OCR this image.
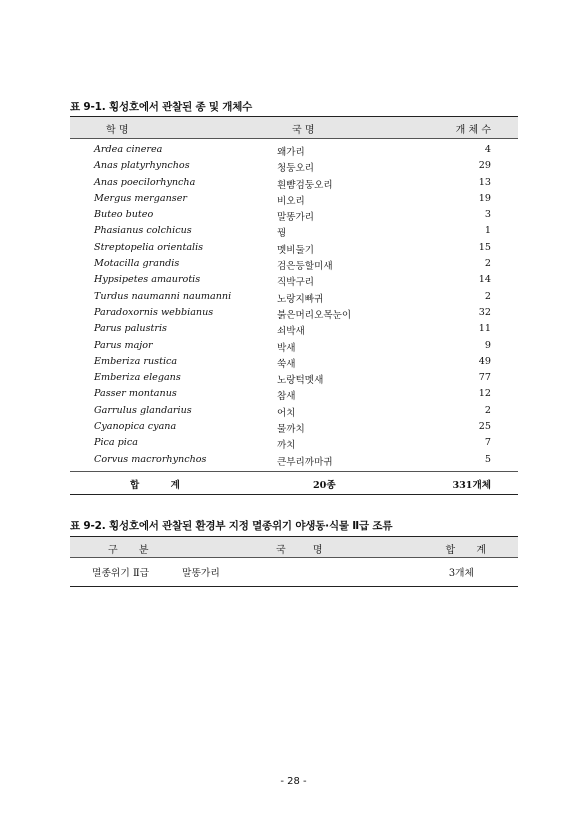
표 9-1. 횡성호에서 관찰된 종 및 개체수
학 명	국 명	개 체 수
Ardea cinerea	왜가리	4
Anas platyrhynchos	청둥오리	29
Anas poecilorhyncha	흰뺨검둥오리	13
Mergus merganser	비오리	19
Buteo buteo	말똥가리	3
Phasianus colchicus	꿩	1
Streptopelia orientalis	멧비둘기	15
Motacilla grandis	검은등할미새	2
Hypsipetes amaurotis	직박구리	14
Turdus naumanni naumanni	노랑지빠귀	2
Paradoxornis webbianus	붉은머리오목눈이	32
Parus palustris	쇠박새	11
Parus major	박새	9
Emberiza rustica	쑥새	49
Emberiza elegans	노랑턱멧새	77
Passer montanus	참새	12
Garrulus glandarius	어치	2
Cyanopica cyana	물까치	25
Pica pica	까치	7
Corvus macrorhynchos	큰부리까마귀	5
합 계	20종	331개체
표 9-2. 횡성호에서 관찰된 환경부 지정 멸종위기 야생동·식물 Ⅱ급 조류
구 분	국 명	합 계
멸종위기 Ⅱ급	말똥가리	3개체
- 28 -
